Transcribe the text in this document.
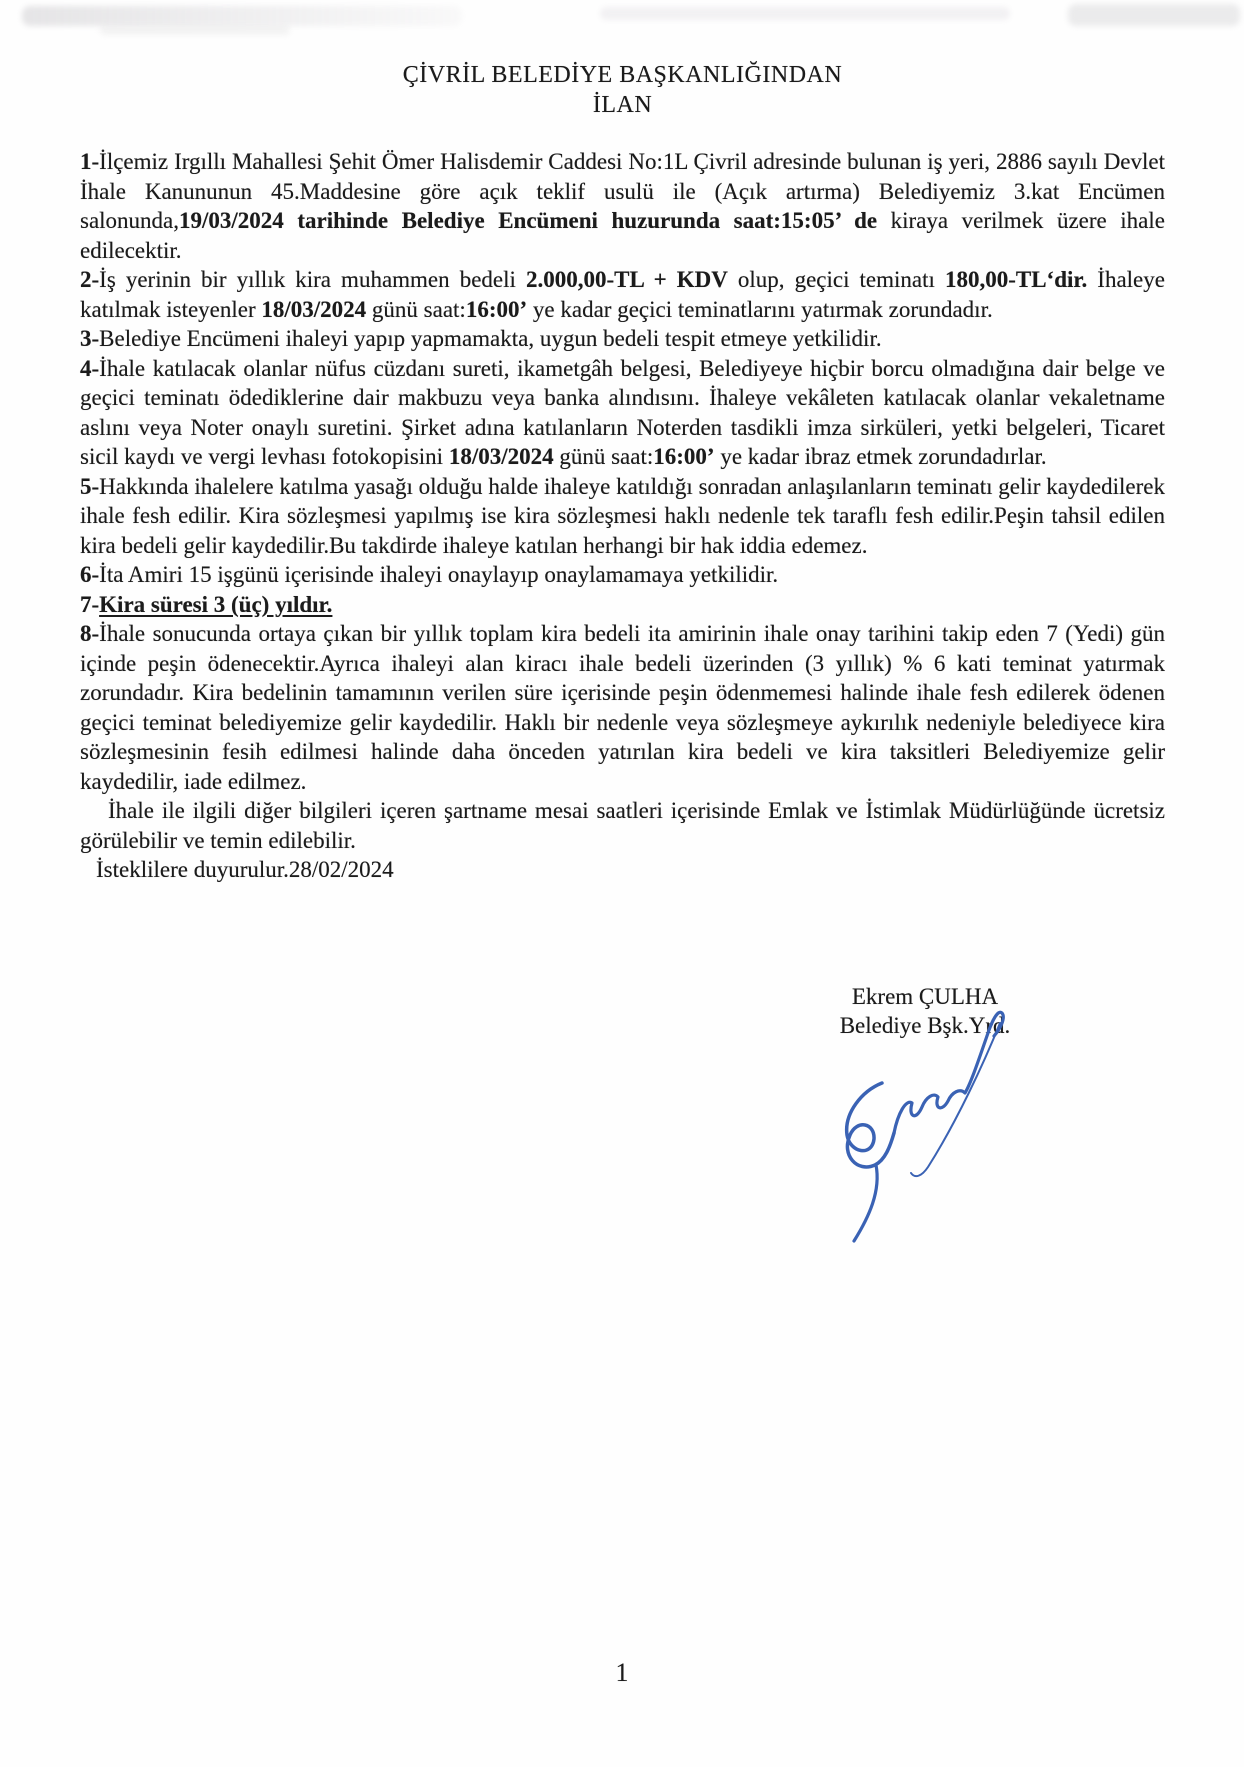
ÇİVRİL BELEDİYE BAŞKANLIĞINDAN
İLAN

1-İlçemiz Irgıllı Mahallesi Şehit Ömer Halisdemir Caddesi No:1L Çivril adresinde bulunan iş yeri, 2886 sayılı Devlet İhale Kanununun 45.Maddesine göre açık teklif usulü ile (Açık artırma) Belediyemiz 3.kat Encümen salonunda,19/03/2024 tarihinde Belediye Encümeni huzurunda saat:15:05’ de kiraya verilmek üzere ihale edilecektir.

2-İş yerinin bir yıllık kira muhammen bedeli 2.000,00-TL + KDV olup, geçici teminatı 180,00-TL‘dir. İhaleye katılmak isteyenler 18/03/2024 günü saat:16:00’ ye kadar geçici teminatlarını yatırmak zorundadır.

3-Belediye Encümeni ihaleyi yapıp yapmamakta, uygun bedeli tespit etmeye yetkilidir.

4-İhale katılacak olanlar nüfus cüzdanı sureti, ikametgâh belgesi, Belediyeye hiçbir borcu olmadığına dair belge ve geçici teminatı ödediklerine dair makbuzu veya banka alındısını. İhaleye vekâleten katılacak olanlar vekaletname aslını veya Noter onaylı suretini. Şirket adına katılanların Noterden tasdikli imza sirküleri, yetki belgeleri, Ticaret sicil kaydı ve vergi levhası fotokopisini 18/03/2024 günü saat:16:00’ ye kadar ibraz etmek zorundadırlar.

5-Hakkında ihalelere katılma yasağı olduğu halde ihaleye katıldığı sonradan anlaşılanların teminatı gelir kaydedilerek ihale fesh edilir. Kira sözleşmesi yapılmış ise kira sözleşmesi haklı nedenle tek taraflı fesh edilir.Peşin tahsil edilen kira bedeli gelir kaydedilir.Bu takdirde ihaleye katılan herhangi bir hak iddia edemez.

6-İta Amiri 15 işgünü içerisinde ihaleyi onaylayıp onaylamamaya yetkilidir.

7-Kira süresi 3 (üç) yıldır.

8-İhale sonucunda ortaya çıkan bir yıllık toplam kira bedeli ita amirinin ihale onay tarihini takip eden 7 (Yedi) gün içinde peşin ödenecektir.Ayrıca ihaleyi alan kiracı ihale bedeli üzerinden (3 yıllık) % 6 kati teminat yatırmak zorundadır. Kira bedelinin tamamının verilen süre içerisinde peşin ödenmemesi halinde ihale fesh edilerek ödenen geçici teminat belediyemize gelir kaydedilir. Haklı bir nedenle veya sözleşmeye aykırılık nedeniyle belediyece kira sözleşmesinin fesih edilmesi halinde daha önceden yatırılan kira bedeli ve kira taksitleri Belediyemize gelir kaydedilir, iade edilmez.

İhale ile ilgili diğer bilgileri içeren şartname mesai saatleri içerisinde Emlak ve İstimlak Müdürlüğünde ücretsiz görülebilir ve temin edilebilir.

İsteklilere duyurulur.28/02/2024

Ekrem ÇULHA
Belediye Bşk.Yrd.
1
